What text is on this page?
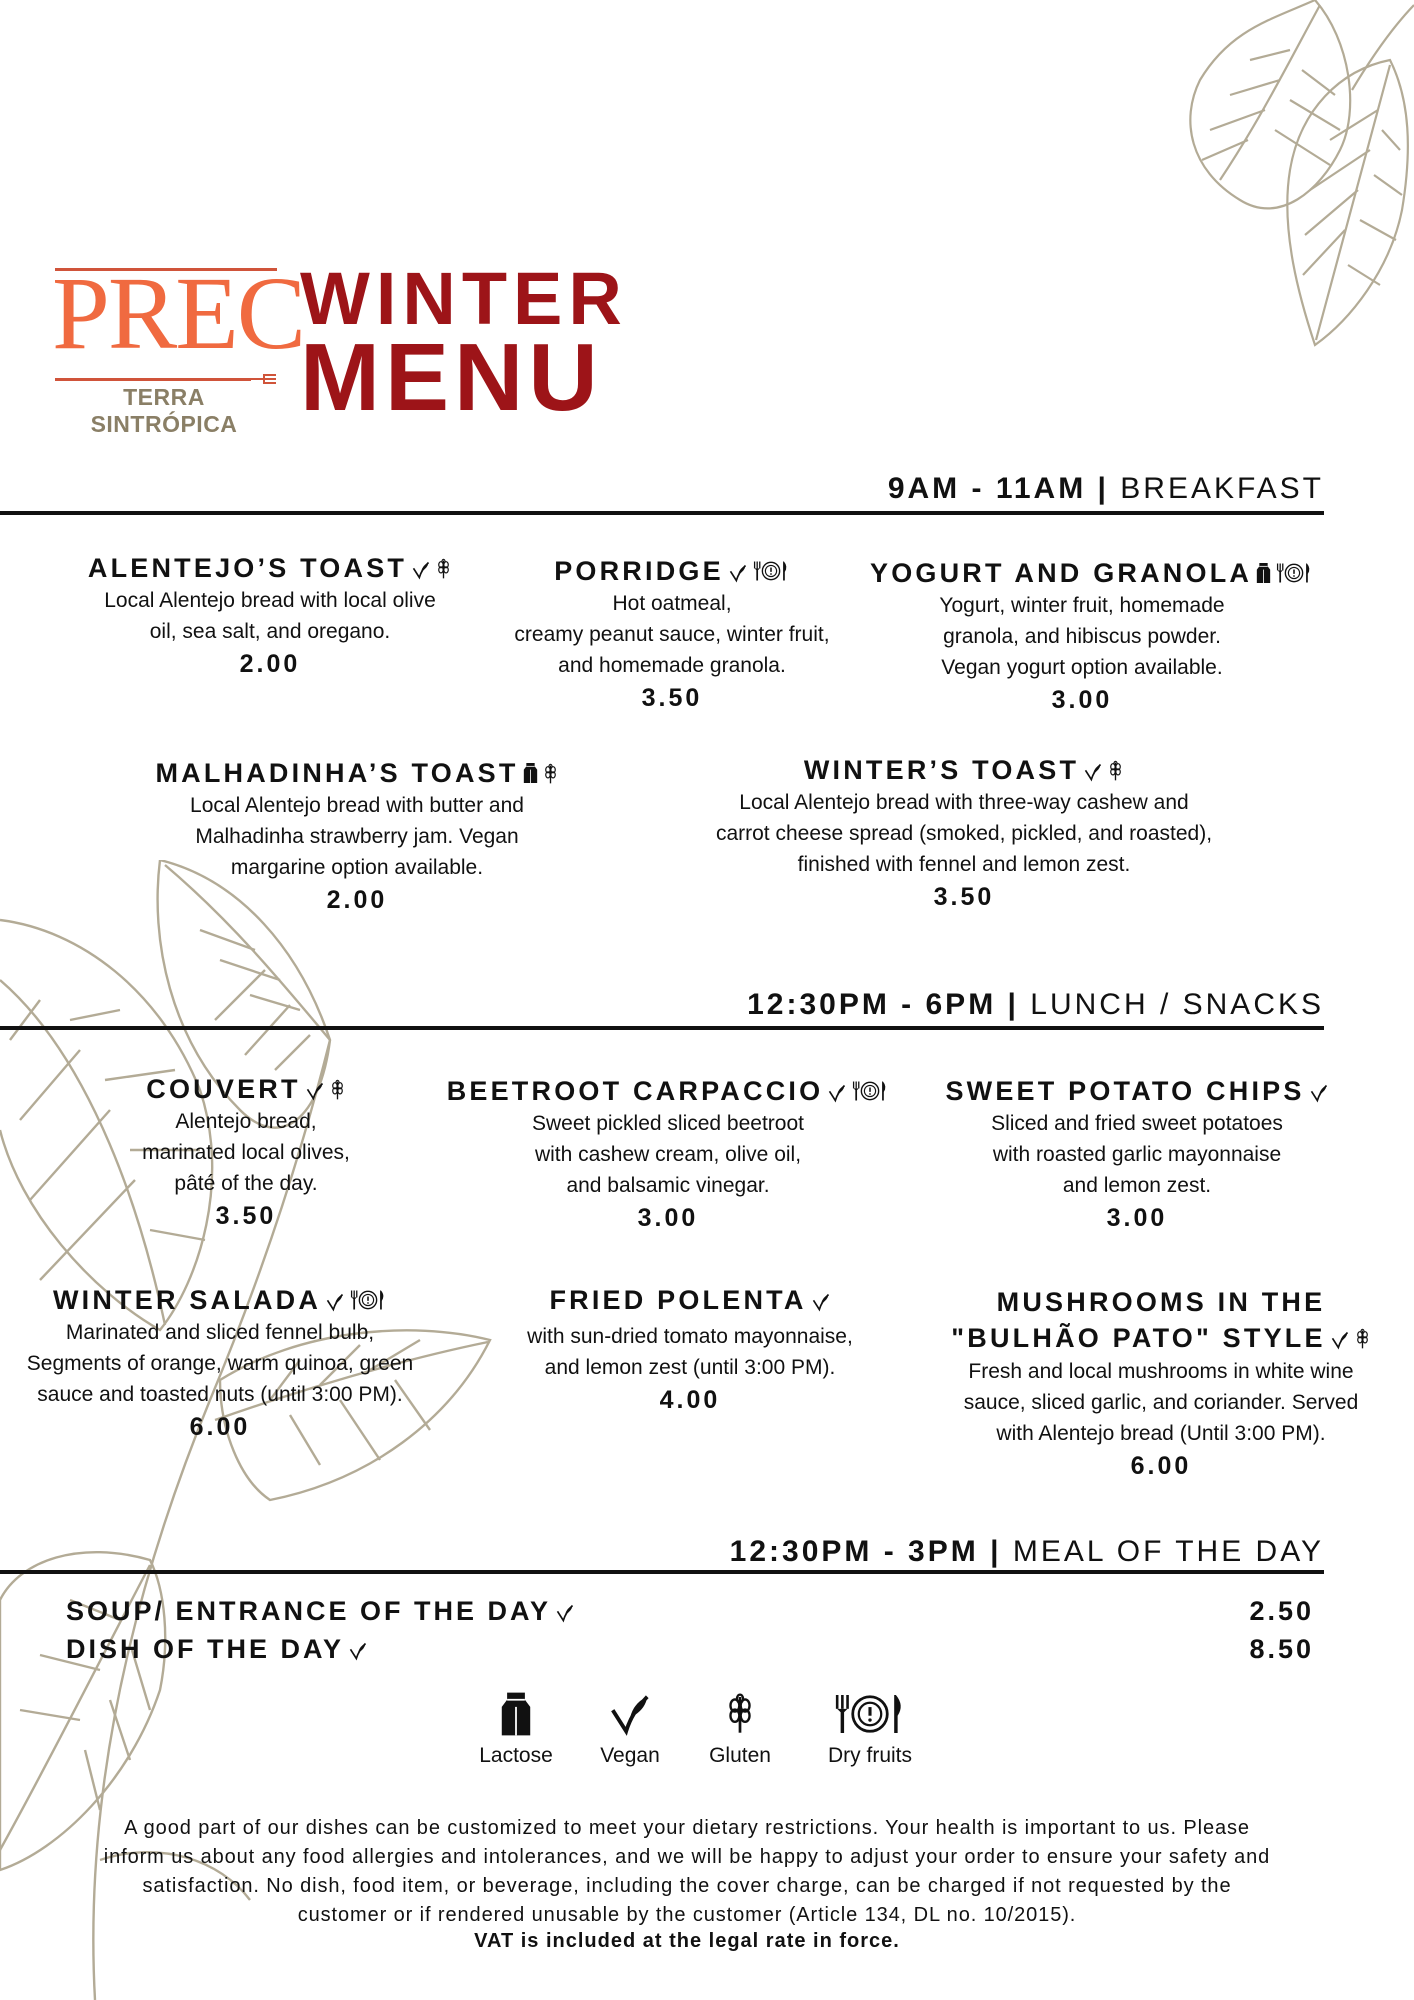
PREC
TERRA SINTRÓPICA
WINTER
MENU
9AM - 11AM | BREAKFAST
ALENTEJO’S TOAST
Local Alentejo bread with local olive
oil, sea salt, and oregano.
2.00
PORRIDGE
Hot oatmeal,
creamy peanut sauce, winter fruit,
and homemade granola.
3.50
YOGURT AND GRANOLA
Yogurt, winter fruit, homemade
granola, and hibiscus powder.
Vegan yogurt option available.
3.00
MALHADINHA’S TOAST
Local Alentejo bread with butter and
Malhadinha strawberry jam. Vegan
margarine option available.
2.00
WINTER’S TOAST
Local Alentejo bread with three-way cashew and
carrot cheese spread (smoked, pickled, and roasted),
finished with fennel and lemon zest.
3.50
12:30PM - 6PM | LUNCH / SNACKS
COUVERT
Alentejo bread,
marinated local olives,
pâté of the day.
3.50
BEETROOT CARPACCIO
Sweet pickled sliced beetroot
with cashew cream, olive oil,
and balsamic vinegar.
3.00
SWEET POTATO CHIPS
Sliced and fried sweet potatoes
with roasted garlic mayonnaise
and lemon zest.
3.00
WINTER SALADA
Marinated and sliced fennel bulb,
Segments of orange, warm quinoa, green
sauce and toasted nuts (until 3:00 PM).
6.00
FRIED POLENTA
with sun-dried tomato mayonnaise,
and lemon zest (until 3:00 PM).
4.00
MUSHROOMS IN THE
"BULHÃO PATO" STYLE
Fresh and local mushrooms in white wine
sauce, sliced garlic, and coriander. Served
with Alentejo bread (Until 3:00 PM).
6.00
12:30PM - 3PM | MEAL OF THE DAY
SOUP/ ENTRANCE OF THE DAY	2.50
DISH OF THE DAY	8.50
Lactose	Vegan	Gluten	Dry fruits
A good part of our dishes can be customized to meet your dietary restrictions. Your health is important to us. Please
inform us about any food allergies and intolerances, and we will be happy to adjust your order to ensure your safety and
satisfaction. No dish, food item, or beverage, including the cover charge, can be charged if not requested by the
customer or if rendered unusable by the customer (Article 134, DL no. 10/2015).
VAT is included at the legal rate in force.
